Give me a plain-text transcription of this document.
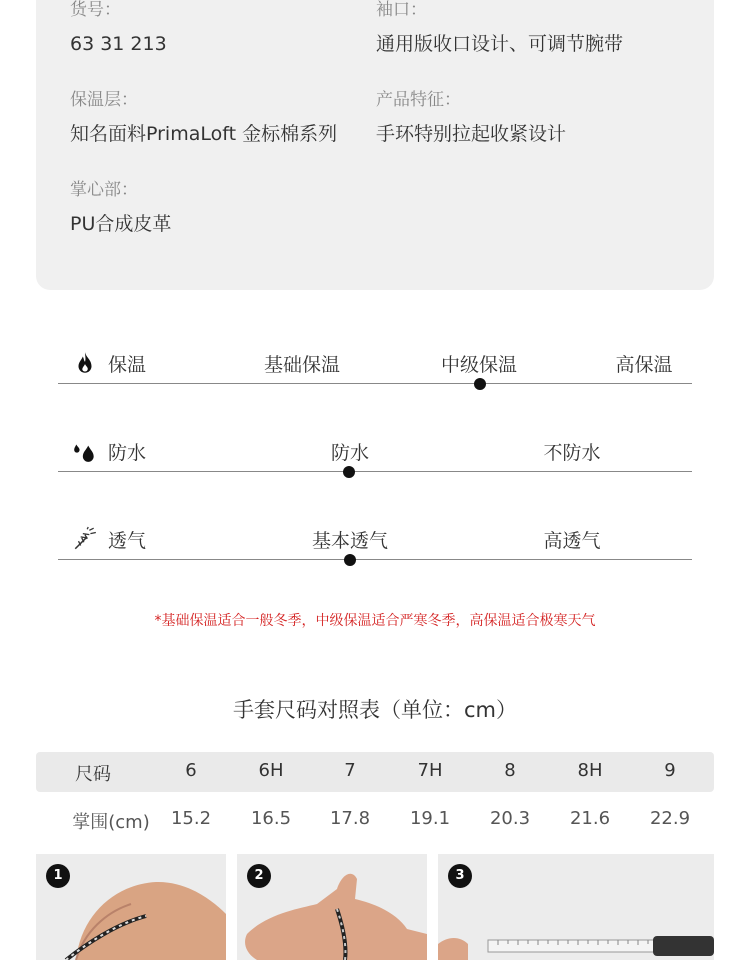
货号：
63 31 213
袖口：
通用版收口设计、可调节腕带
保温层：
知名面料PrimaLoft 金标棉系列
产品特征：
手环特别拉起收紧设计
掌心部：
PU合成皮革
保温	基础保温	中级保温	高保温
防水	防水	不防水
透气	基本透气	高透气
*基础保温适合一般冬季，中级保温适合严寒冬季，高保温适合极寒天气
手套尺码对照表（单位：cm）
尺码	6	6H	7	7H	8	8H	9
掌围(cm) 15.2 16.5 17.8 19.1 20.3 21.6 22.9
1	2	3
